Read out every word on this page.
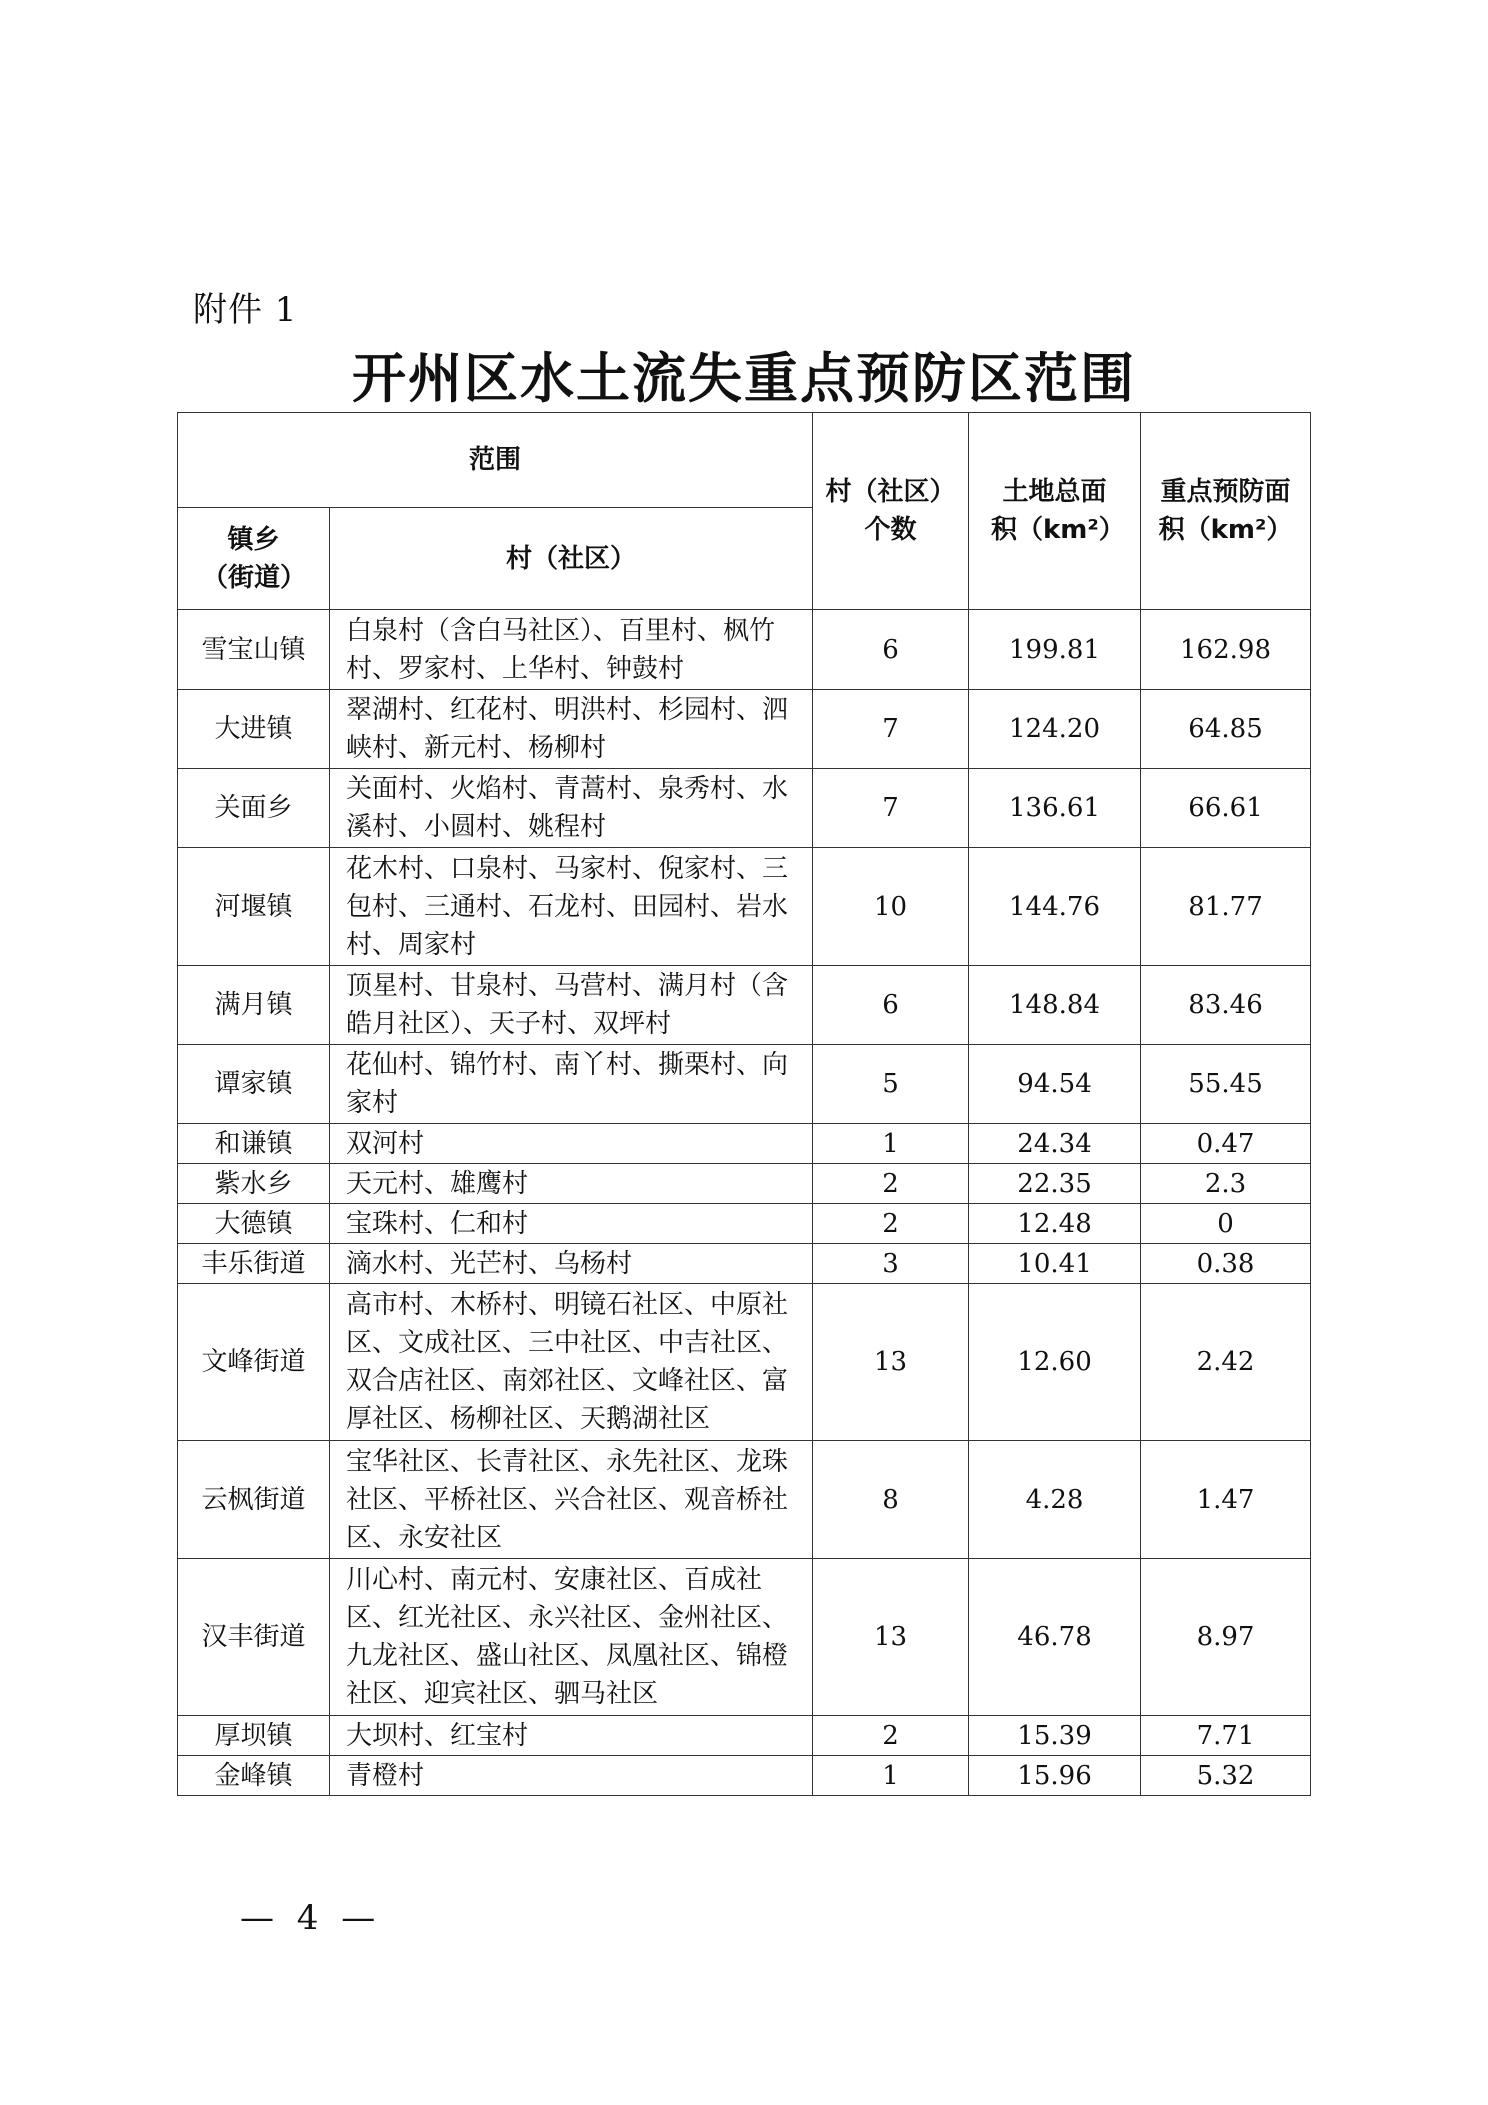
附件 1
开州区水土流失重点预防区范围
范围		村（社区）个数	土地总面积（km²）	重点预防面积（km²）
镇乡（街道）	村（社区）			
雪宝山镇	白泉村（含白马社区）、百里村、枫竹村、罗家村、上华村、钟鼓村	6	199.81	162.98
大进镇	翠湖村、红花村、明洪村、杉园村、泗峡村、新元村、杨柳村	7	124.20	64.85
关面乡	关面村、火焰村、青蒿村、泉秀村、水溪村、小圆村、姚程村	7	136.61	66.61
河堰镇	花木村、口泉村、马家村、倪家村、三包村、三通村、石龙村、田园村、岩水村、周家村	10	144.76	81.77
满月镇	顶星村、甘泉村、马营村、满月村（含皓月社区）、天子村、双坪村	6	148.84	83.46
谭家镇	花仙村、锦竹村、南丫村、撕栗村、向家村	5	94.54	55.45
和谦镇	双河村	1	24.34	0.47
紫水乡	天元村、雄鹰村	2	22.35	2.3
大德镇	宝珠村、仁和村	2	12.48	0
丰乐街道	滴水村、光芒村、乌杨村	3	10.41	0.38
文峰街道	高市村、木桥村、明镜石社区、中原社区、文成社区、三中社区、中吉社区、双合店社区、南郊社区、文峰社区、富厚社区、杨柳社区、天鹅湖社区	13	12.60	2.42
云枫街道	宝华社区、长青社区、永先社区、龙珠社区、平桥社区、兴合社区、观音桥社区、永安社区	8	4.28	1.47
汉丰街道	川心村、南元村、安康社区、百成社区、红光社区、永兴社区、金州社区、九龙社区、盛山社区、凤凰社区、锦橙社区、迎宾社区、驷马社区	13	46.78	8.97
厚坝镇	大坝村、红宝村	2	15.39	7.71
金峰镇	青橙村	1	15.96	5.32
— 4 —
